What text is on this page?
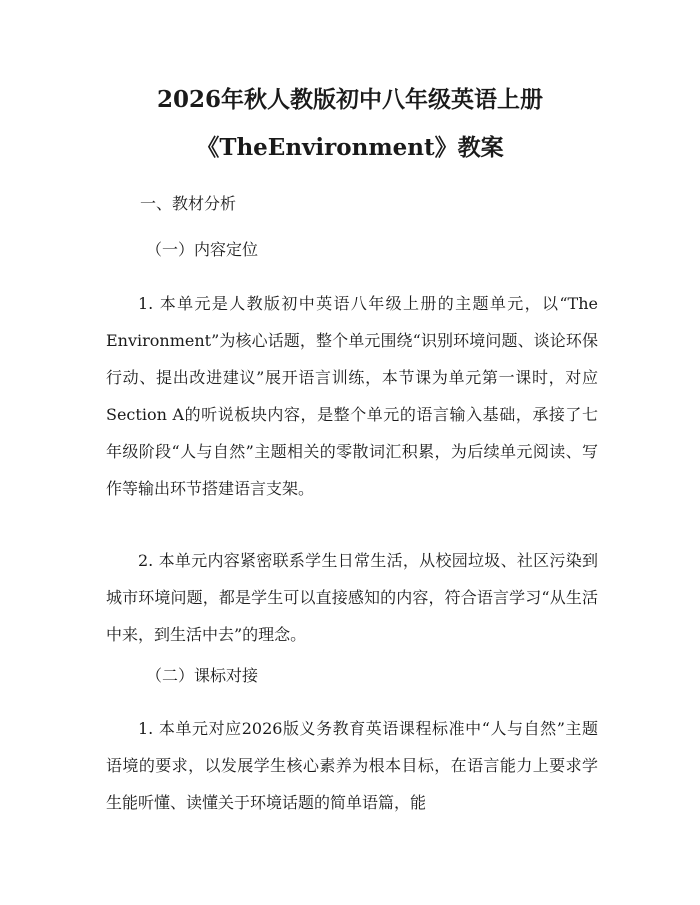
2026年秋人教版初中八年级英语上册
《TheEnvironment》教案

一、教材分析

（一）内容定位

1. 本单元是人教版初中英语八年级上册的主题单元，以“The Environment”为核心话题，整个单元围绕“识别环境问题、谈论环保行动、提出改进建议”展开语言训练，本节课为单元第一课时，对应Section A的听说板块内容，是整个单元的语言输入基础，承接了七年级阶段“人与自然”主题相关的零散词汇积累，为后续单元阅读、写作等输出环节搭建语言支架。

2. 本单元内容紧密联系学生日常生活，从校园垃圾、社区污染到城市环境问题，都是学生可以直接感知的内容，符合语言学习“从生活中来，到生活中去”的理念。

（二）课标对接

1. 本单元对应2026版义务教育英语课程标准中“人与自然”主题语境的要求，以发展学生核心素养为根本目标，在语言能力上要求学生能听懂、读懂关于环境话题的简单语篇，能
